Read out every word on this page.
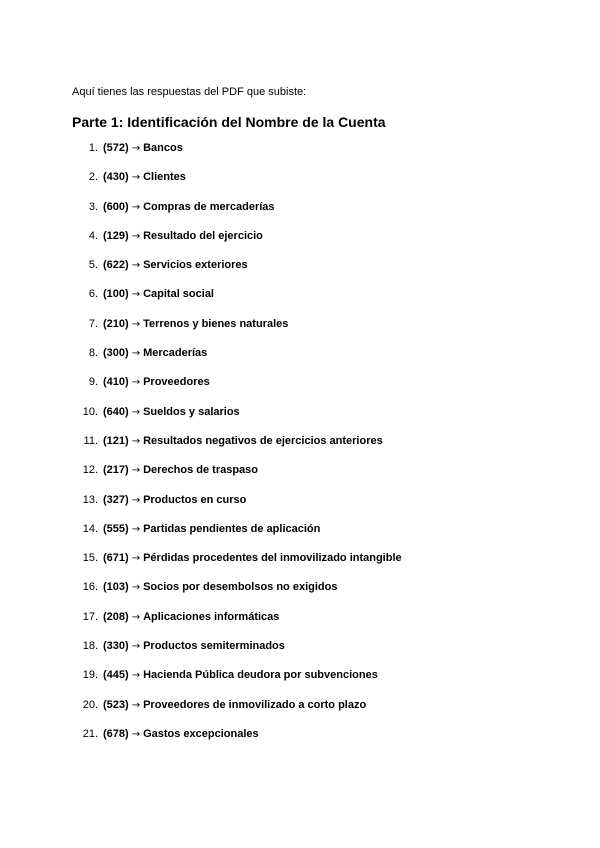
Aquí tienes las respuestas del PDF que subiste:
Parte 1: Identificación del Nombre de la Cuenta
1. (572) → Bancos
2. (430) → Clientes
3. (600) → Compras de mercaderías
4. (129) → Resultado del ejercicio
5. (622) → Servicios exteriores
6. (100) → Capital social
7. (210) → Terrenos y bienes naturales
8. (300) → Mercaderías
9. (410) → Proveedores
10. (640) → Sueldos y salarios
11. (121) → Resultados negativos de ejercicios anteriores
12. (217) → Derechos de traspaso
13. (327) → Productos en curso
14. (555) → Partidas pendientes de aplicación
15. (671) → Pérdidas procedentes del inmovilizado intangible
16. (103) → Socios por desembolsos no exigidos
17. (208) → Aplicaciones informáticas
18. (330) → Productos semiterminados
19. (445) → Hacienda Pública deudora por subvenciones
20. (523) → Proveedores de inmovilizado a corto plazo
21. (678) → Gastos excepcionales
